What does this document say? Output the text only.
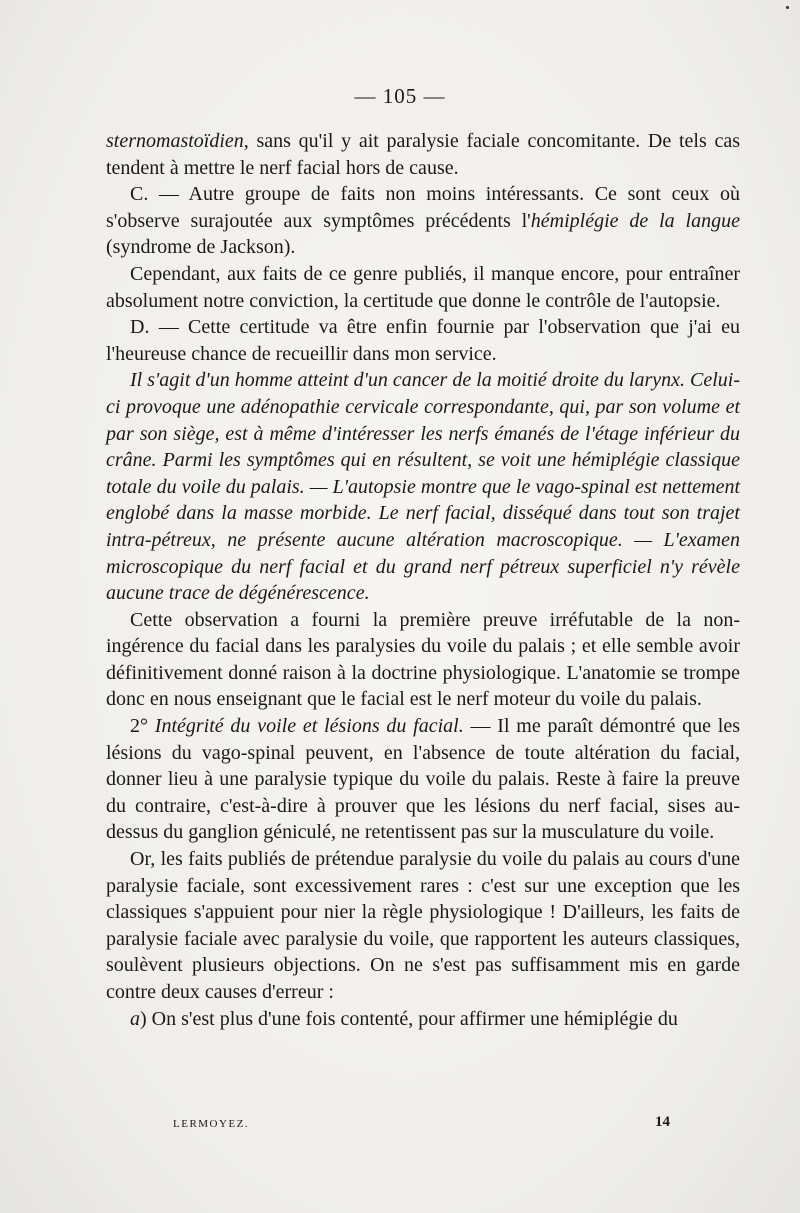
— 105 —

sternomastoïdien, sans qu'il y ait paralysie faciale concomitante. De tels cas tendent à mettre le nerf facial hors de cause.

C. — Autre groupe de faits non moins intéressants. Ce sont ceux où s'observe surajoutée aux symptômes précédents l'hémiplégie de la langue (syndrome de Jackson).

Cependant, aux faits de ce genre publiés, il manque encore, pour entraîner absolument notre conviction, la certitude que donne le contrôle de l'autopsie.

D. — Cette certitude va être enfin fournie par l'observation que j'ai eu l'heureuse chance de recueillir dans mon service.

Il s'agit d'un homme atteint d'un cancer de la moitié droite du larynx. Celui-ci provoque une adénopathie cervicale correspondante, qui, par son volume et par son siège, est à même d'intéresser les nerfs émanés de l'étage inférieur du crâne. Parmi les symptômes qui en résultent, se voit une hémiplégie classique totale du voile du palais. — L'autopsie montre que le vago-spinal est nettement englobé dans la masse morbide. Le nerf facial, disséqué dans tout son trajet intra-pétreux, ne présente aucune altération macroscopique. — L'examen microscopique du nerf facial et du grand nerf pétreux superficiel n'y révèle aucune trace de dégénérescence.

Cette observation a fourni la première preuve irréfutable de la non-ingérence du facial dans les paralysies du voile du palais ; et elle semble avoir définitivement donné raison à la doctrine physiologique. L'anatomie se trompe donc en nous enseignant que le facial est le nerf moteur du voile du palais.

2° Intégrité du voile et lésions du facial. — Il me paraît démontré que les lésions du vago-spinal peuvent, en l'absence de toute altération du facial, donner lieu à une paralysie typique du voile du palais. Reste à faire la preuve du contraire, c'est-à-dire à prouver que les lésions du nerf facial, sises au-dessus du ganglion géniculé, ne retentissent pas sur la musculature du voile.

Or, les faits publiés de prétendue paralysie du voile du palais au cours d'une paralysie faciale, sont excessivement rares : c'est sur une exception que les classiques s'appuient pour nier la règle physiologique ! D'ailleurs, les faits de paralysie faciale avec paralysie du voile, que rapportent les auteurs classiques, soulèvent plusieurs objections. On ne s'est pas suffisamment mis en garde contre deux causes d'erreur :

a) On s'est plus d'une fois contenté, pour affirmer une hémiplégie du

LERMOYEZ.	14
